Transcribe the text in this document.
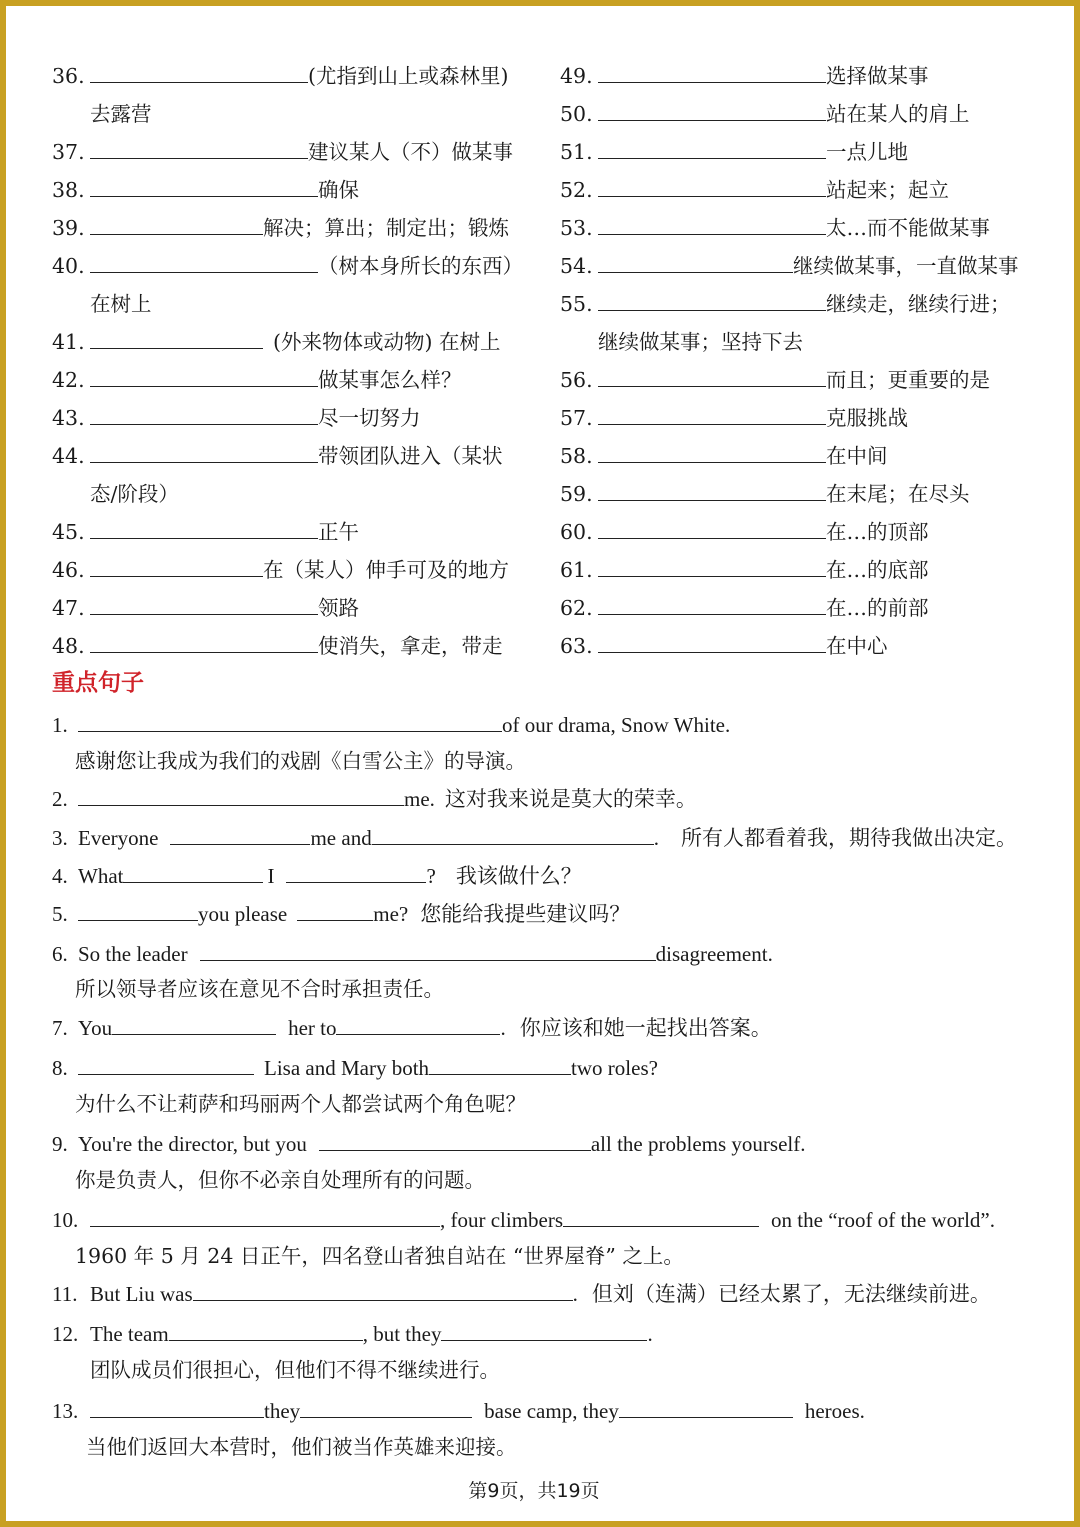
36.	(尤指到山上或森林里)
去露营
37.	建议某人（不）做某事
38.	确保
39.	解决；算出；制定出；锻炼
40.	（树本身所长的东西）
在树上
41.	(外来物体或动物) 在树上
42.	做某事怎么样？
43.	尽一切努力
44.	带领团队进入（某状
态/阶段）
45.	正午
46.	在（某人）伸手可及的地方
47.	领路
48.	使消失，拿走，带走
49.	选择做某事
50.	站在某人的肩上
51.	一点儿地
52.	站起来；起立
53.	太…而不能做某事
54.	继续做某事，一直做某事
55.	继续走，继续行进；
继续做某事；坚持下去
56.	而且；更重要的是
57.	克服挑战
58.	在中间
59.	在末尾；在尽头
60.	在…的顶部
61.	在…的底部
62.	在…的前部
63.	在中心
重点句子
1.	of our drama, Snow White.
感谢您让我成为我们的戏剧《白雪公主》的导演。
2.	me. 这对我来说是莫大的荣幸。
3. Everyone	me and	. 所有人都看着我，期待我做出决定。
4. What	I	? 我该做什么？
5.	you please	me? 您能给我提些建议吗？
6. So the leader	disagreement.
所以领导者应该在意见不合时承担责任。
7. You	her to	. 你应该和她一起找出答案。
8.	Lisa and Mary both	two roles?
为什么不让莉萨和玛丽两个人都尝试两个角色呢？
9. You're the director, but you	all the problems yourself.
你是负责人，但你不必亲自处理所有的问题。
10.	, four climbers	on the “roof of the world”.
1960 年 5 月 24 日正午，四名登山者独自站在 “世界屋脊” 之上。
11. But Liu was	. 但刘（连满）已经太累了，无法继续前进。
12. The team	, but they	.
团队成员们很担心，但他们不得不继续进行。
13.	they	base camp, they	heroes.
当他们返回大本营时，他们被当作英雄来迎接。
第9页，共19页
